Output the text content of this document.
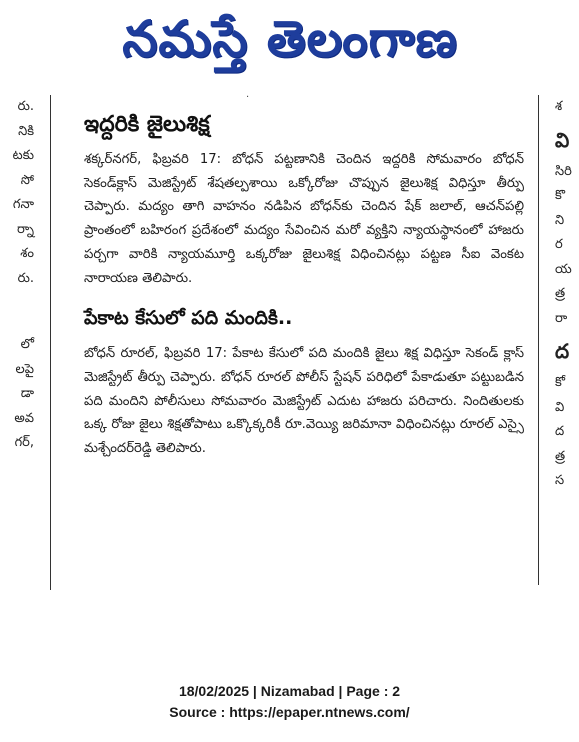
నమస్తే తెలంగాణ
·
రు.
నికి
టకు
సో
గనా
ర్నా
శం
రు.
లో
లపై
డా
అవ
గర్,
శ
వి
సిరి
కొ
ని
ర
య
త్ర
రా
ద
కో
వి
ద
త్ర
స
ఇద్దరికి జైలుశిక్ష

శక్కర్‌నగర్, ఫిబ్రవరి 17: బోధన్ పట్టణానికి చెందిన ఇద్దరికి సోమవారం బోధన్ సెకండ్‌క్లాస్ మెజిస్ట్రేట్ శేషతల్పశాయి ఒక్కోరోజు చొప్పున జైలుశిక్ష విధిస్తూ తీర్పు చెప్పారు. మద్యం తాగి వాహనం నడిపిన బోధన్‌కు చెందిన షేక్ జలాల్, ఆచన్‌పల్లి ప్రాంతంలో బహిరంగ ప్రదేశంలో మద్యం సేవించిన మరో వ్యక్తిని న్యాయస్థానంలో హాజరు పర్చగా వారికి న్యాయమూర్తి ఒక్కరోజు జైలుశిక్ష విధించినట్లు పట్టణ సీఐ వెంకట నారాయణ తెలిపారు.

పేకాట కేసులో పది మందికి..

బోధన్ రూరల్, ఫిబ్రవరి 17: పేకాట కేసులో పది మందికి జైలు శిక్ష విధిస్తూ సెకండ్ క్లాస్ మెజిస్ట్రేట్ తీర్పు చెప్పారు. బోధన్ రూరల్ పోలీస్ స్టేషన్ పరిధిలో పేకాడుతూ పట్టుబడిన పది మందిని పోలీసులు సోమవారం మెజిస్ట్రేట్ ఎదుట హాజరు పరిచారు. నిందితులకు ఒక్క రోజు జైలు శిక్షతోపాటు ఒక్కొక్కరికీ రూ.వెయ్యి జరిమానా విధించినట్లు రూరల్ ఎస్సై మశ్చేందర్‌రెడ్డి తెలిపారు.

18/02/2025 | Nizamabad | Page : 2
Source : https://epaper.ntnews.com/
